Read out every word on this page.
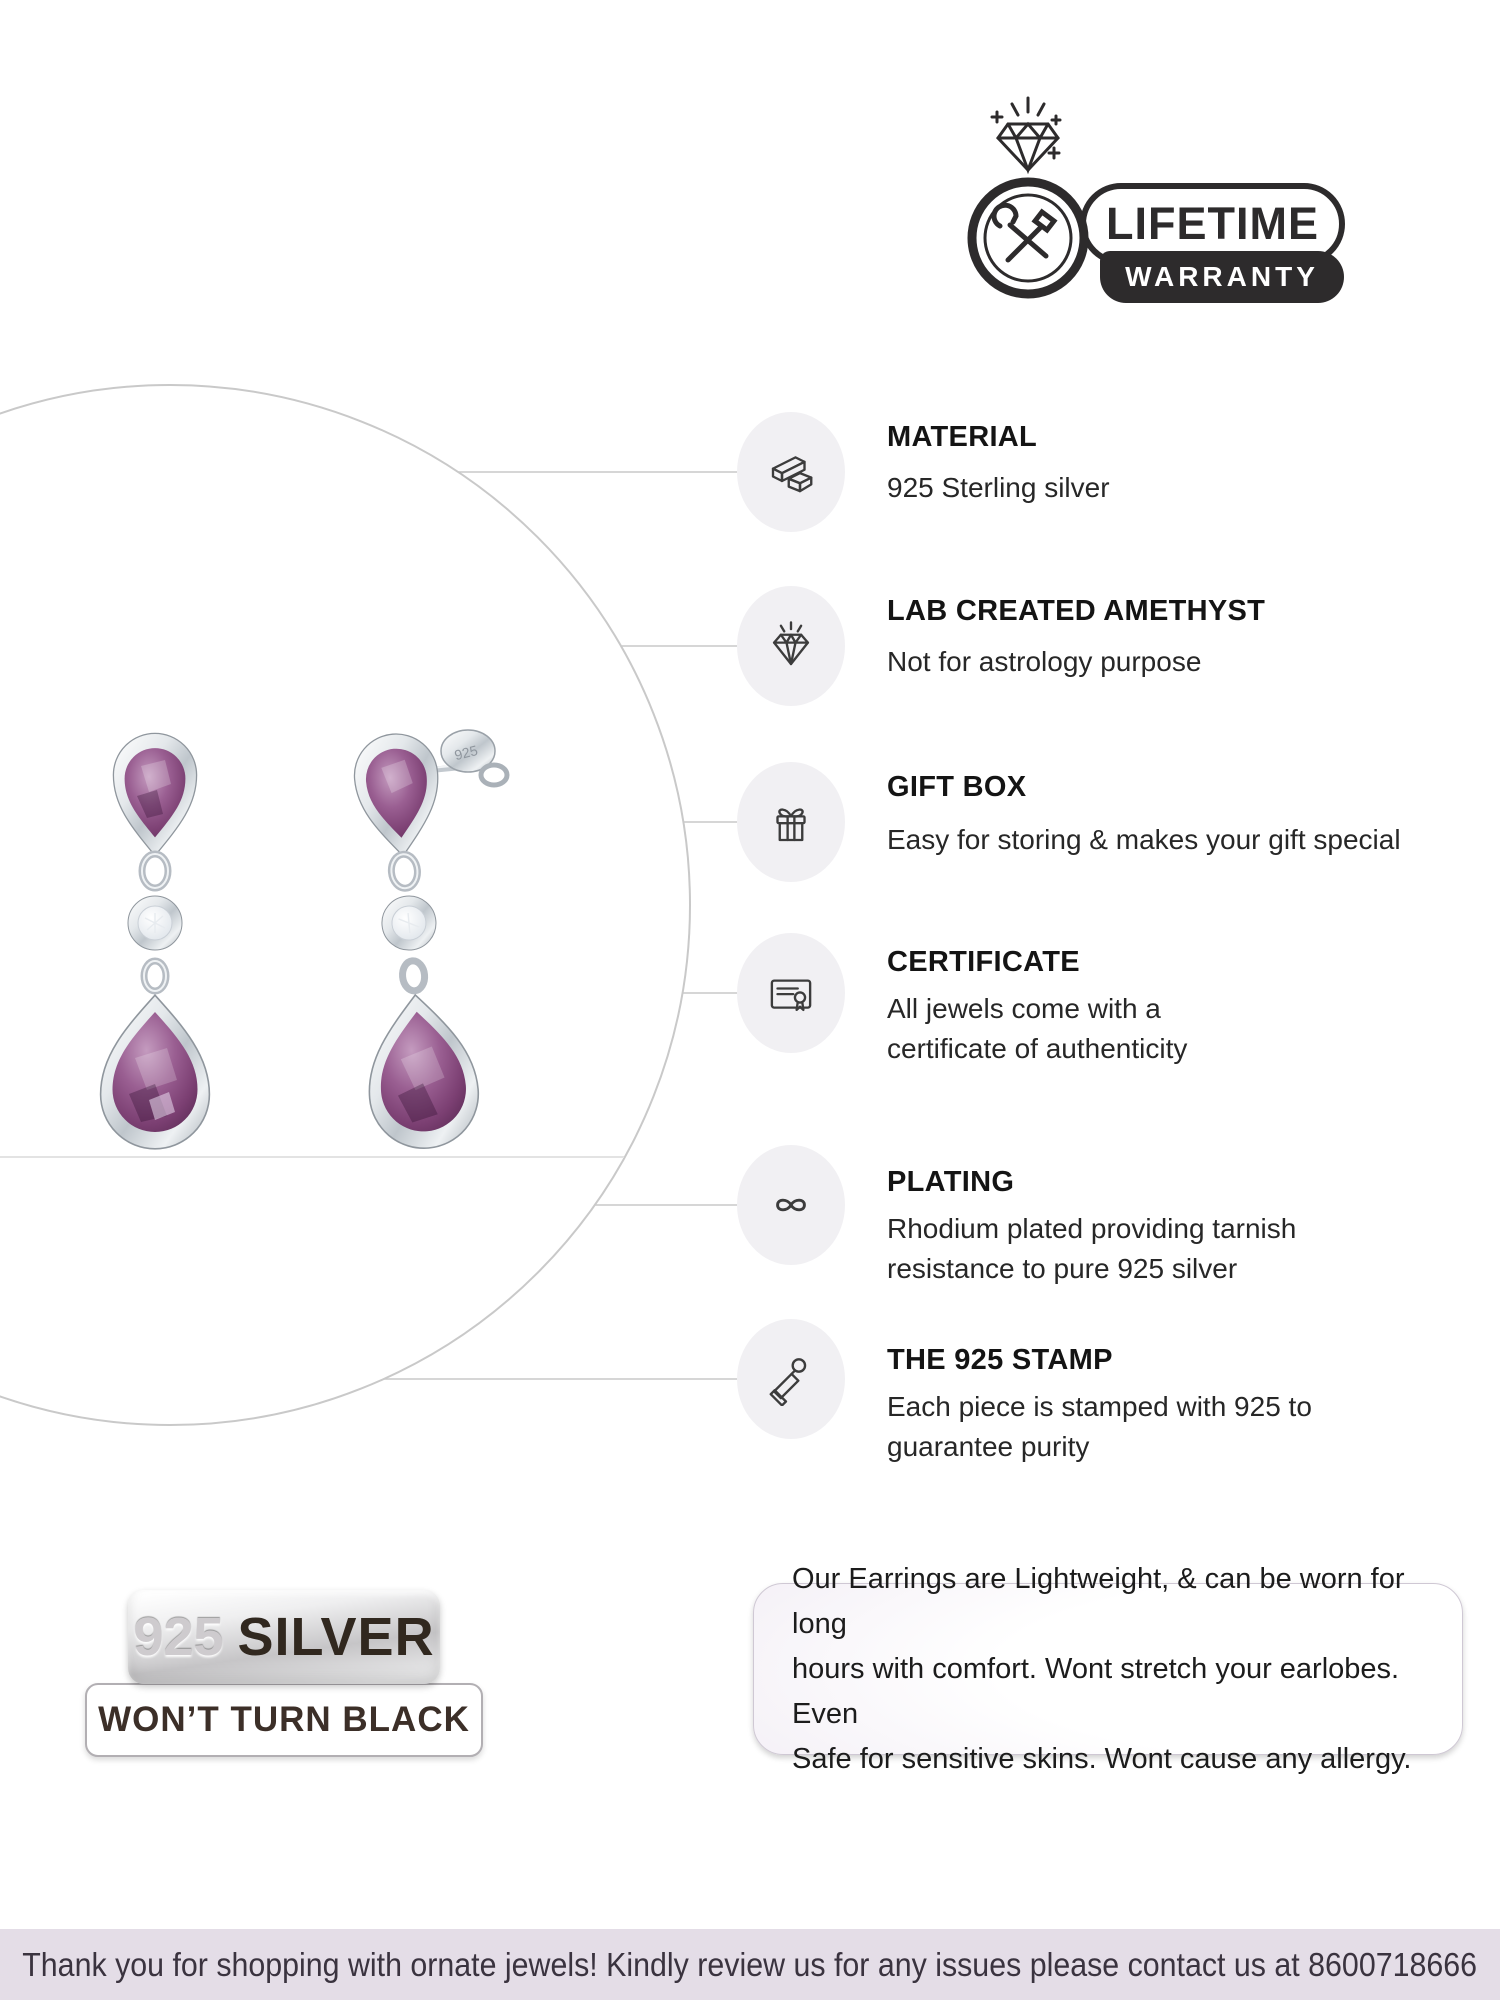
925
LIFETIME
WARRANTY
MATERIAL
925 Sterling silver
LAB CREATED AMETHYST
Not for astrology purpose
GIFT BOX
Easy for storing & makes your gift special
CERTIFICATE
All jewels come with a
certificate of authenticity
PLATING
Rhodium plated providing tarnish
resistance to pure 925 silver
THE 925 STAMP
Each piece is stamped with 925 to
guarantee purity
925 SILVER
WON’T TURN BLACK
Our Earrings are Lightweight, & can be worn for long
hours with comfort. Wont stretch your earlobes. Even
Safe for sensitive skins. Wont cause any allergy.
Thank you for shopping with ornate jewels! Kindly review us for any issues please contact us at 8600718666
